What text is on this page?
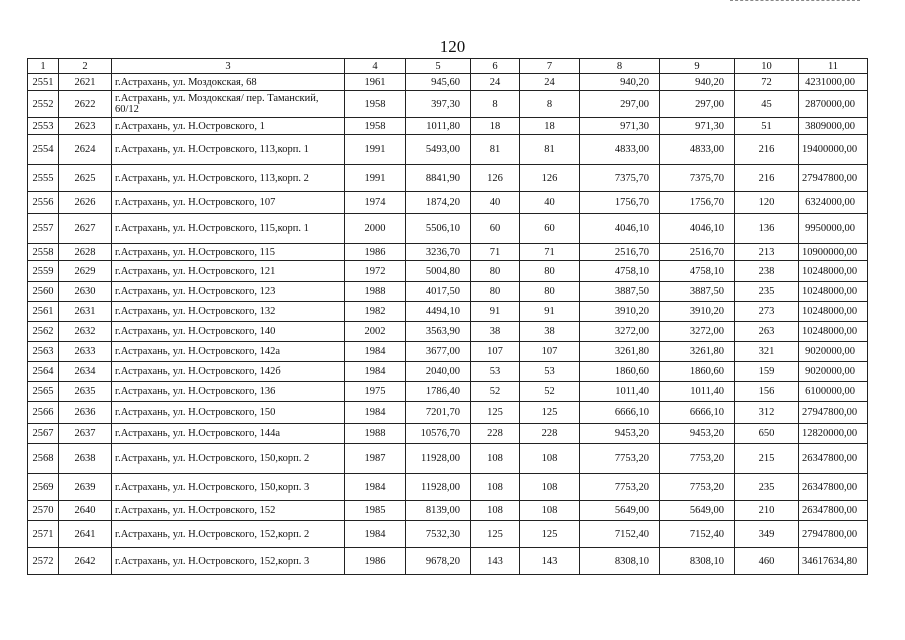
120
1	2	3	4	5	6	7	8	9	10	11
2551	2621	г.Астрахань, ул. Моздокская, 68	1961	945,60	24	24	940,20	940,20	72	4231000,00
2552	2622	г.Астрахань, ул. Моздокская/ пер. Таманский, 60/12	1958	397,30	8	8	297,00	297,00	45	2870000,00
2553	2623	г.Астрахань, ул. Н.Островского, 1	1958	1011,80	18	18	971,30	971,30	51	3809000,00
2554	2624	г.Астрахань, ул. Н.Островского, 113,корп. 1	1991	5493,00	81	81	4833,00	4833,00	216	19400000,00
2555	2625	г.Астрахань, ул. Н.Островского, 113,корп. 2	1991	8841,90	126	126	7375,70	7375,70	216	27947800,00
2556	2626	г.Астрахань, ул. Н.Островского, 107	1974	1874,20	40	40	1756,70	1756,70	120	6324000,00
2557	2627	г.Астрахань, ул. Н.Островского, 115,корп. 1	2000	5506,10	60	60	4046,10	4046,10	136	9950000,00
2558	2628	г.Астрахань, ул. Н.Островского, 115	1986	3236,70	71	71	2516,70	2516,70	213	10900000,00
2559	2629	г.Астрахань, ул. Н.Островского, 121	1972	5004,80	80	80	4758,10	4758,10	238	10248000,00
2560	2630	г.Астрахань, ул. Н.Островского, 123	1988	4017,50	80	80	3887,50	3887,50	235	10248000,00
2561	2631	г.Астрахань, ул. Н.Островского, 132	1982	4494,10	91	91	3910,20	3910,20	273	10248000,00
2562	2632	г.Астрахань, ул. Н.Островского, 140	2002	3563,90	38	38	3272,00	3272,00	263	10248000,00
2563	2633	г.Астрахань, ул. Н.Островского, 142а	1984	3677,00	107	107	3261,80	3261,80	321	9020000,00
2564	2634	г.Астрахань, ул. Н.Островского, 142б	1984	2040,00	53	53	1860,60	1860,60	159	9020000,00
2565	2635	г.Астрахань, ул. Н.Островского, 136	1975	1786,40	52	52	1011,40	1011,40	156	6100000,00
2566	2636	г.Астрахань, ул. Н.Островского, 150	1984	7201,70	125	125	6666,10	6666,10	312	27947800,00
2567	2637	г.Астрахань, ул. Н.Островского, 144а	1988	10576,70	228	228	9453,20	9453,20	650	12820000,00
2568	2638	г.Астрахань, ул. Н.Островского, 150,корп. 2	1987	11928,00	108	108	7753,20	7753,20	215	26347800,00
2569	2639	г.Астрахань, ул. Н.Островского, 150,корп. 3	1984	11928,00	108	108	7753,20	7753,20	235	26347800,00
2570	2640	г.Астрахань, ул. Н.Островского, 152	1985	8139,00	108	108	5649,00	5649,00	210	26347800,00
2571	2641	г.Астрахань, ул. Н.Островского, 152,корп. 2	1984	7532,30	125	125	7152,40	7152,40	349	27947800,00
2572	2642	г.Астрахань, ул. Н.Островского, 152,корп. 3	1986	9678,20	143	143	8308,10	8308,10	460	34617634,80
